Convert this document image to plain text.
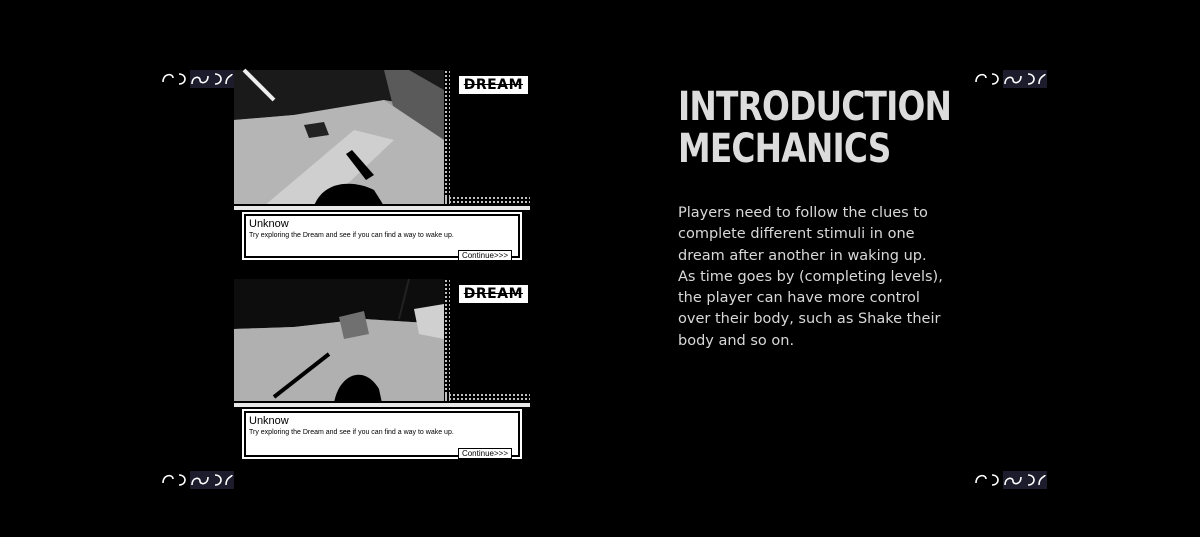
DREAM
Unknow
Try exploring the Dream and see if you can find a way to wake up.
Continue>>>
DREAM
Unknow
Try exploring the Dream and see if you can find a way to wake up.
Continue>>>
INTRODUCTION
MECHANICS

Players need to follow the clues to complete different stimuli in one dream after another in waking up. As time goes by (completing levels), the player can have more control over their body, such as Shake their body and so on.
